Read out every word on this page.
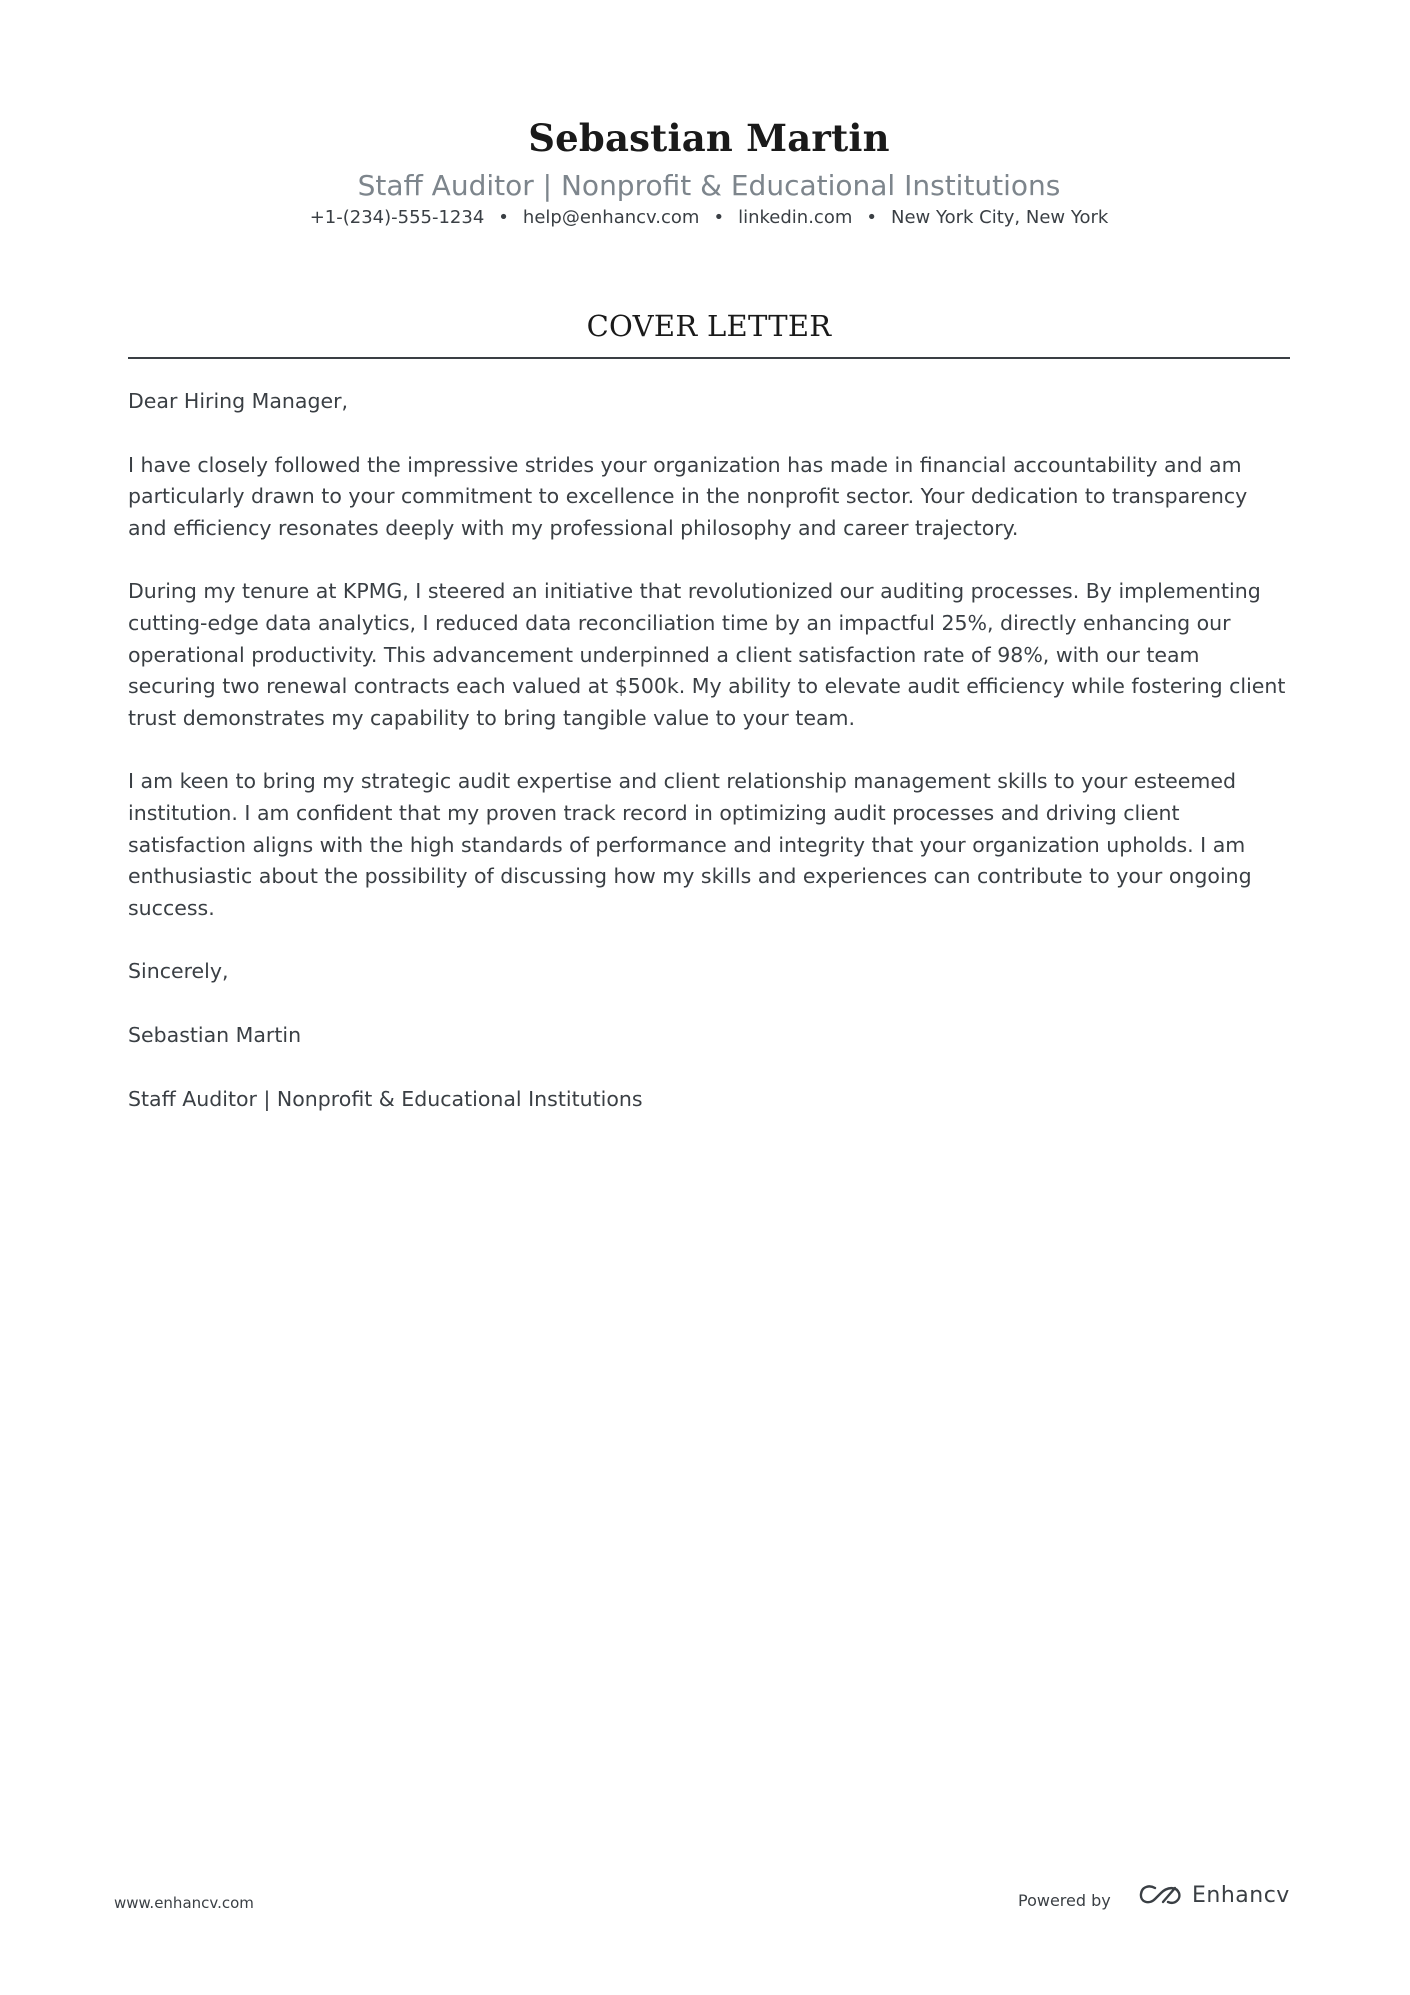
Sebastian Martin
Staff Auditor | Nonprofit & Educational Institutions
+1-(234)-555-1234 • help@enhancv.com • linkedin.com • New York City, New York
COVER LETTER

Dear Hiring Manager,

I have closely followed the impressive strides your organization has made in financial accountability and am particularly drawn to your commitment to excellence in the nonprofit sector. Your dedication to transparency and efficiency resonates deeply with my professional philosophy and career trajectory.

During my tenure at KPMG, I steered an initiative that revolutionized our auditing processes. By implementing cutting-edge data analytics, I reduced data reconciliation time by an impactful 25%, directly enhancing our operational productivity. This advancement underpinned a client satisfaction rate of 98%, with our team securing two renewal contracts each valued at $500k. My ability to elevate audit efficiency while fostering client trust demonstrates my capability to bring tangible value to your team.

I am keen to bring my strategic audit expertise and client relationship management skills to your esteemed institution. I am confident that my proven track record in optimizing audit processes and driving client satisfaction aligns with the high standards of performance and integrity that your organization upholds. I am enthusiastic about the possibility of discussing how my skills and experiences can contribute to your ongoing success.

Sincerely,

Sebastian Martin

Staff Auditor | Nonprofit & Educational Institutions

www.enhancv.com	Powered by	Enhancv
